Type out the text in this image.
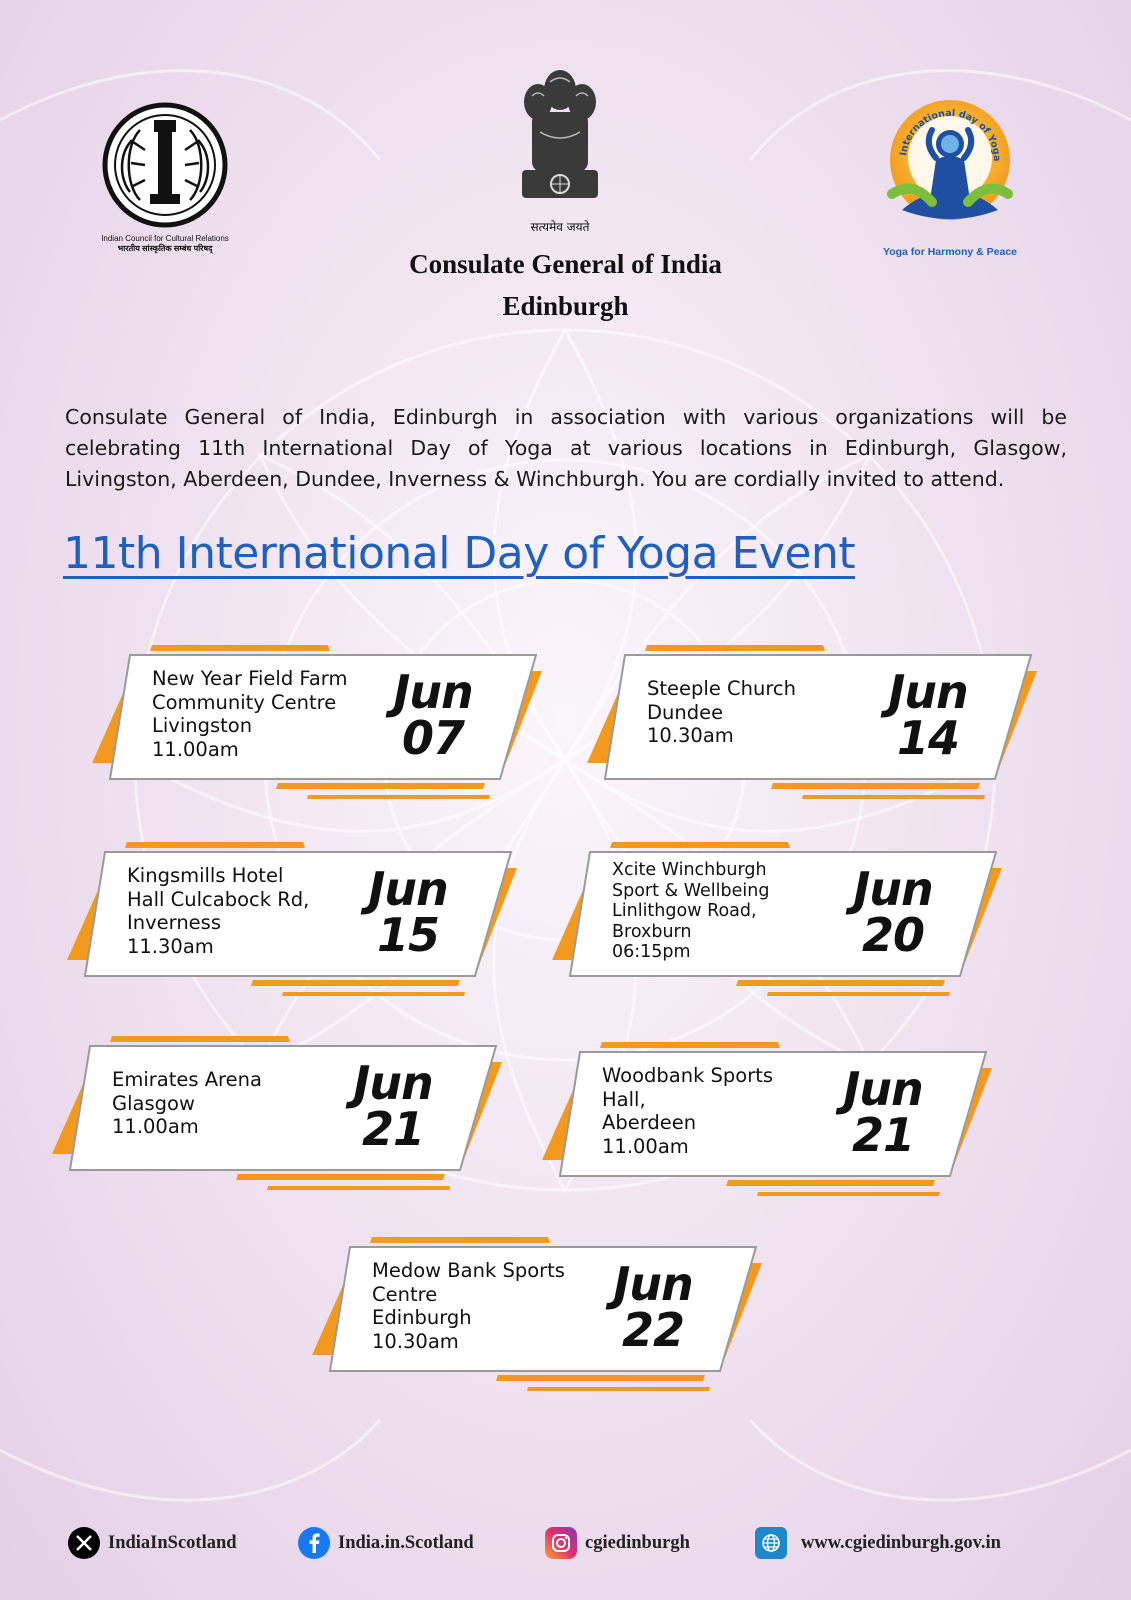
Indian Council for Cultural Relations
भारतीय सांस्कृतिक सम्बंध परिषद्
सत्यमेव जयते
International day of Yoga
Yoga for Harmony & Peace
Consulate General of India
Edinburgh
Consulate General of India, Edinburgh in association with various organizations will be celebrating 11th International Day of Yoga at various locations in Edinburgh, Glasgow, Livingston, Aberdeen, Dundee, Inverness & Winchburgh. You are cordially invited to attend.
11th International Day of Yoga Event
New Year Field Farm
Community Centre
Livingston
11.00am
Jun
07
Steeple Church
Dundee
10.30am
Jun
14
Kingsmills Hotel
Hall Culcabock Rd,
Inverness
11.30am
Jun
15
Xcite Winchburgh
Sport & Wellbeing
Linlithgow Road,
Broxburn
06:15pm
Jun
20
Emirates Arena
Glasgow
11.00am
Jun
21
Woodbank Sports
Hall,
Aberdeen
11.00am
Jun
21
Medow Bank Sports
Centre
Edinburgh
10.30am
Jun
22
IndiaInScotland	India.in.Scotland	cgiedinburgh	www.cgiedinburgh.gov.in
